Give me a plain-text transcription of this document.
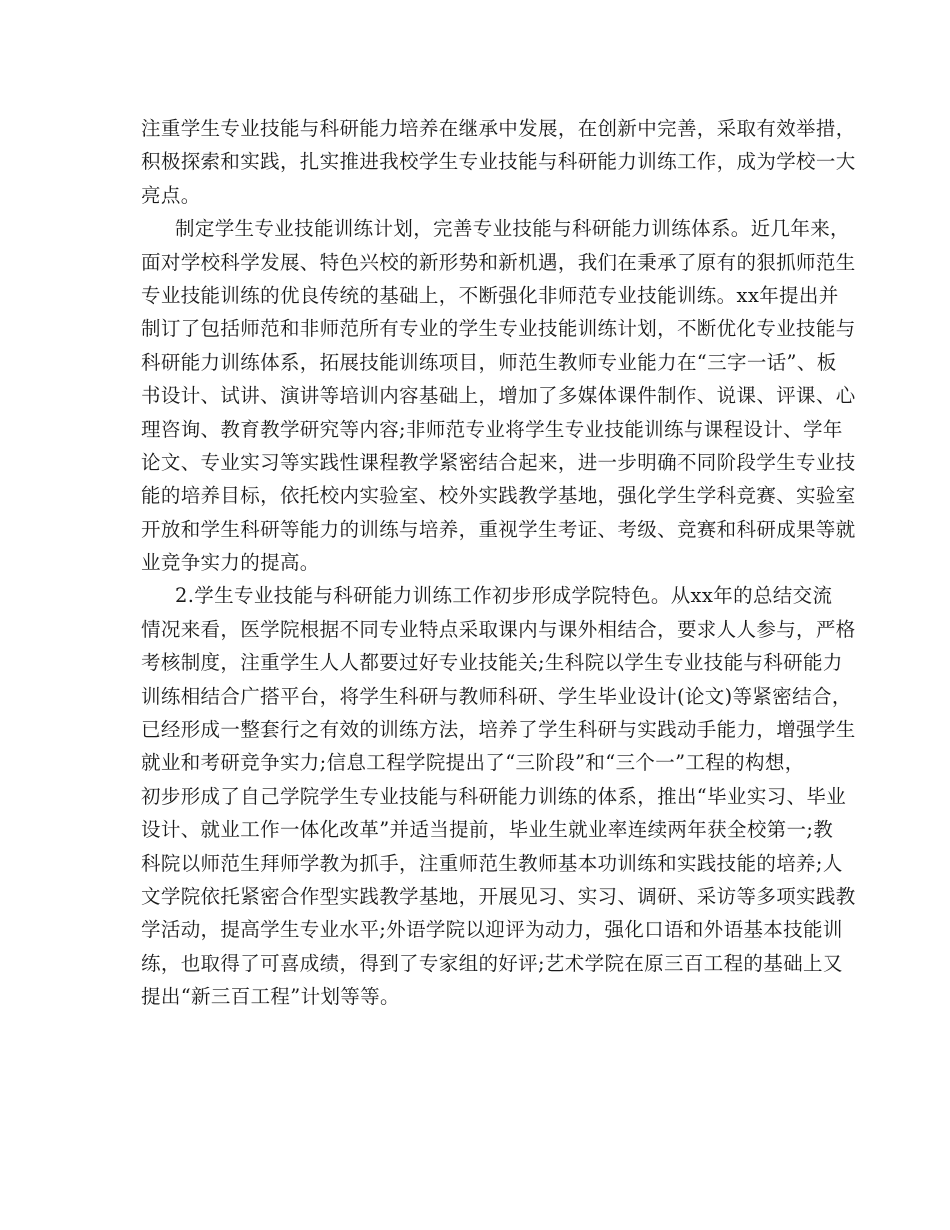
注重学生专业技能与科研能力培养在继承中发展，在创新中完善，采取有效举措，
积极探索和实践，扎实推进我校学生专业技能与科研能力训练工作，成为学校一大
亮点。
制定学生专业技能训练计划，完善专业技能与科研能力训练体系。近几年来，
面对学校科学发展、特色兴校的新形势和新机遇，我们在秉承了原有的狠抓师范生
专业技能训练的优良传统的基础上，不断强化非师范专业技能训练。xx年提出并
制订了包括师范和非师范所有专业的学生专业技能训练计划，不断优化专业技能与
科研能力训练体系，拓展技能训练项目，师范生教师专业能力在“三字一话”、板
书设计、试讲、演讲等培训内容基础上，增加了多媒体课件制作、说课、评课、心
理咨询、教育教学研究等内容;非师范专业将学生专业技能训练与课程设计、学年
论文、专业实习等实践性课程教学紧密结合起来，进一步明确不同阶段学生专业技
能的培养目标，依托校内实验室、校外实践教学基地，强化学生学科竞赛、实验室
开放和学生科研等能力的训练与培养，重视学生考证、考级、竞赛和科研成果等就
业竞争实力的提高。
2.学生专业技能与科研能力训练工作初步形成学院特色。从xx年的总结交流
情况来看，医学院根据不同专业特点采取课内与课外相结合，要求人人参与，严格
考核制度，注重学生人人都要过好专业技能关;生科院以学生专业技能与科研能力
训练相结合广搭平台，将学生科研与教师科研、学生毕业设计(论文)等紧密结合，
已经形成一整套行之有效的训练方法，培养了学生科研与实践动手能力，增强学生
就业和考研竞争实力;信息工程学院提出了“三阶段”和“三个一”工程的构想，
初步形成了自己学院学生专业技能与科研能力训练的体系，推出“毕业实习、毕业
设计、就业工作一体化改革”并适当提前，毕业生就业率连续两年获全校第一;教
科院以师范生拜师学教为抓手，注重师范生教师基本功训练和实践技能的培养;人
文学院依托紧密合作型实践教学基地，开展见习、实习、调研、采访等多项实践教
学活动，提高学生专业水平;外语学院以迎评为动力，强化口语和外语基本技能训
练，也取得了可喜成绩，得到了专家组的好评;艺术学院在原三百工程的基础上又
提出“新三百工程”计划等等。
